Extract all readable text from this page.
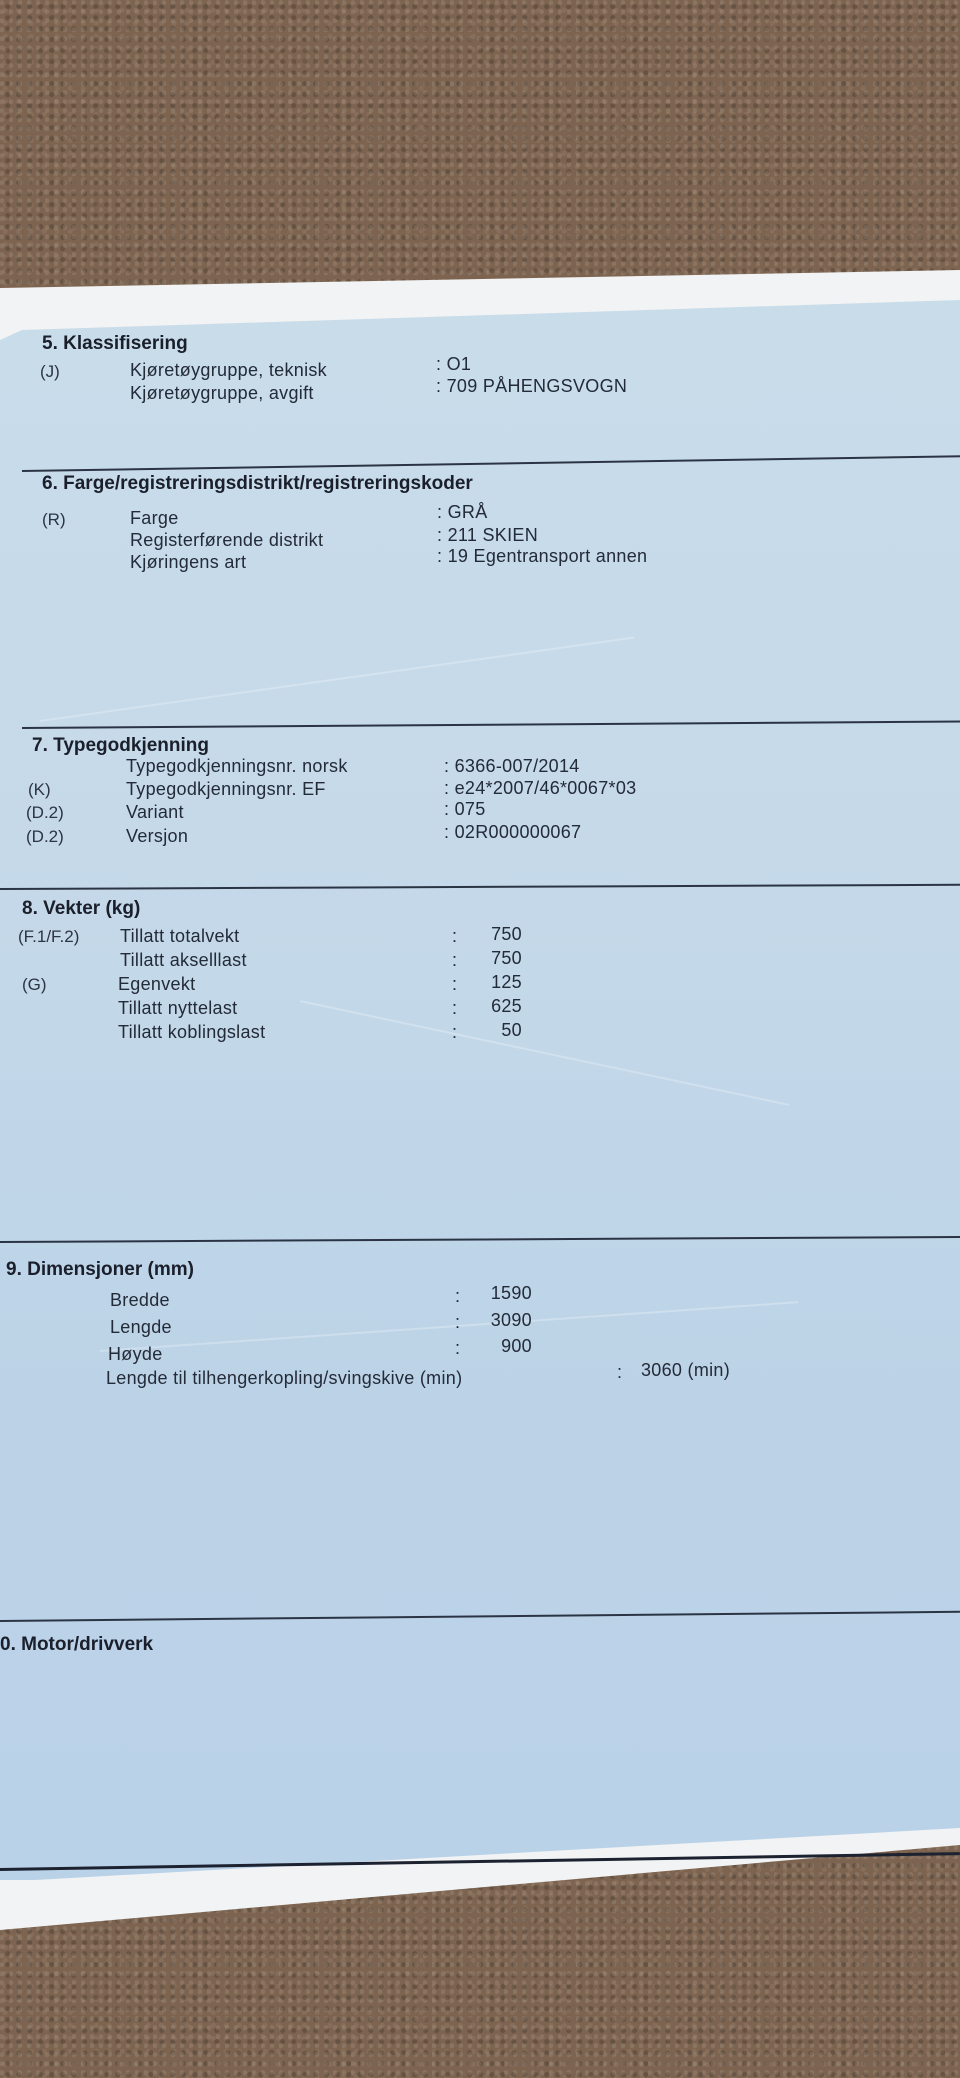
5. Klassifisering
(J)	Kjøretøygruppe, teknisk	: O1
Kjøretøygruppe, avgift	: 709 PÅHENGSVOGN
6. Farge/registreringsdistrikt/registreringskoder
(R)	Farge	: GRÅ
Registerførende distrikt	: 211 SKIEN
Kjøringens art	: 19 Egentransport annen
7. Typegodkjenning
Typegodkjenningsnr. norsk	: 6366-007/2014
(K)	Typegodkjenningsnr. EF	: e24*2007/46*0067*03
(D.2)	Variant	: 075
(D.2)	Versjon	: 02R000000067
8. Vekter (kg)
(F.1/F.2) Tillatt totalvekt	:	750
Tillatt akselllast	:	750
(G)	Egenvekt	:	125
Tillatt nyttelast	:	625
Tillatt koblingslast	:	50
9. Dimensjoner (mm)
Bredde	:	1590
Lengde	:	3090
Høyde	:	900
Lengde til tilhengerkopling/svingskive (min)	: 3060 (min)
0. Motor/drivverk
